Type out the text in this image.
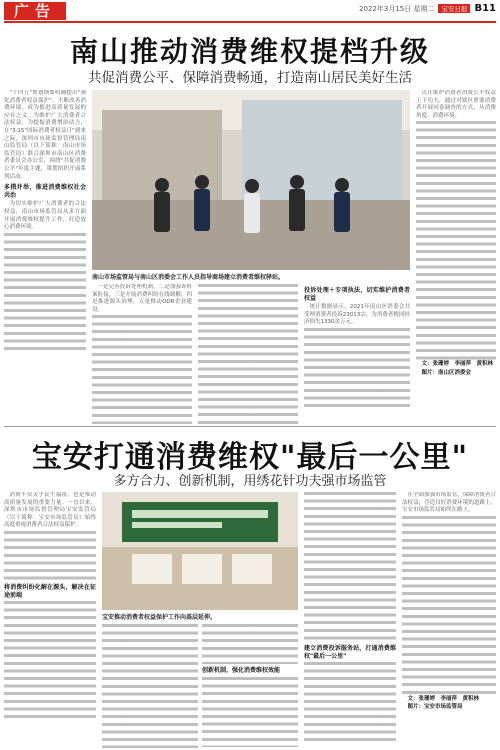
广告	2022年3月15日 星期二	宝安日报 B11
南山推动消费维权提档升级
共促消费公平、保障消费畅通，打造南山居民美好生活

"十四五"规划纲要明确提出"强化消费者权益保护"。不断改善消费环境，成为推进高质量发展的应有之义。为维护广大消费者合法权益，为提振消费增添动力，在"3·15"国际消费者权益日"到来之际，深圳市市场监督管理局南山监管局（以下简称：南山市场监管局）联合深圳市南山区消费者委员会办公室，围绕"共促消费公平"年度主题，策划组织开展系列活动。

多措并举，推进消费维权社会共治

为切实维护广大消费者的合法权益，南山市场监管局从多方面开展消费维权提升工作，打造放心消费环境。

南山市场监管局与南山区消委会工作人员指导商场建立消费者维权驿站。

一是完善投诉处理机制，二是加强诉转案衔接，三是开展消费纠纷在线调解，四是推进源头治理，五是推动ODR企业建设。

投诉处理＋专项执法，切实维护消费者权益

统计数据显示，2021年南山区消委会共受理消费者投诉23013宗，为消费者挽回经济损失1330余万元。

点在维护消费者消费公平权益上下功夫，通过对辖区重要消费者开展问卷调查的方式，从消费角度，消费环境。

文：张珊婷　李丽萍　黄积林

图片：南山区消委会

宝安打通消费维权"最后一公里"
多方合力、创新机制，用绣花针功夫强市场监管

消费不仅关乎民生福祉，也是推动高质量发展的重要力量。一直以来，深圳市市场监督管理局宝安监管局（以下简称：宝安市场监管局）始终高度重视消费者合法权益保护。

将消费纠纷化解在源头，解决在征途前端

宝安推动消费者权益保护工作向基层延伸。

创新机制，强化消费维权效能

建立消费投诉服务站，打通消费维权"最后一公里"

在全面加强市场监管，保障消费者合法权益，营造良好消费环境的道路上，宝安市场监管局始终在路上。

文：张珊婷　李丽萍　黄积林

图片：宝安市场监管局
